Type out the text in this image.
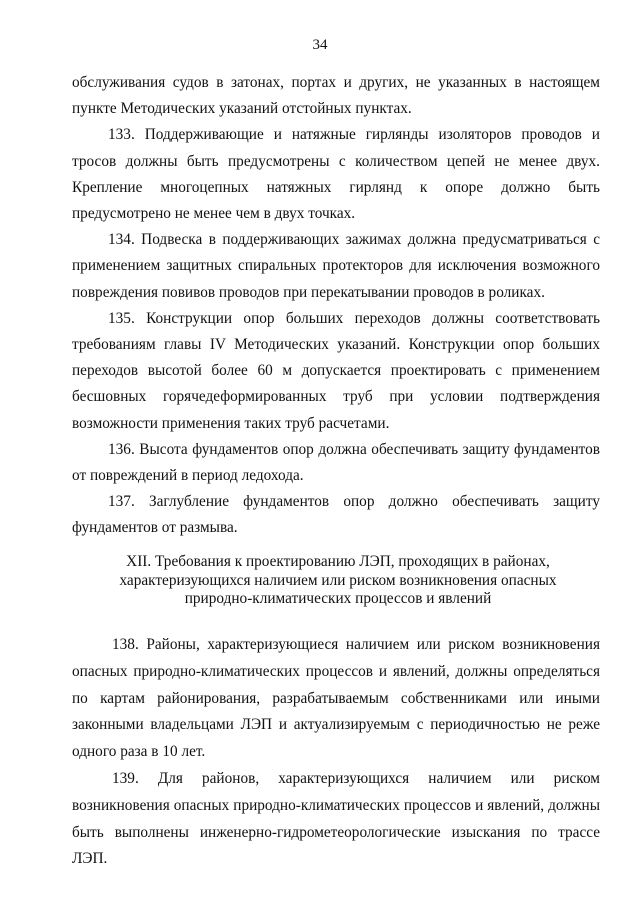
34

обслуживания судов в затонах, портах и других, не указанных в настоящем пункте Методических указаний отстойных пунктах.

133. Поддерживающие и натяжные гирлянды изоляторов проводов и тросов должны быть предусмотрены с количеством цепей не менее двух. Крепление многоцепных натяжных гирлянд к опоре должно быть предусмотрено не менее чем в двух точках.

134. Подвеска в поддерживающих зажимах должна предусматриваться с применением защитных спиральных протекторов для исключения возможного повреждения повивов проводов при перекатывании проводов в роликах.

135. Конструкции опор больших переходов должны соответствовать требованиям главы IV Методических указаний. Конструкции опор больших переходов высотой более 60 м допускается проектировать с применением бесшовных горячедеформированных труб при условии подтверждения возможности применения таких труб расчетами.

136. Высота фундаментов опор должна обеспечивать защиту фундаментов от повреждений в период ледохода.

137. Заглубление фундаментов опор должно обеспечивать защиту фундаментов от размыва.

XII. Требования к проектированию ЛЭП, проходящих в районах, характеризующихся наличием или риском возникновения опасных природно-климатических процессов и явлений

138. Районы, характеризующиеся наличием или риском возникновения опасных природно-климатических процессов и явлений, должны определяться по картам районирования, разрабатываемым собственниками или иными законными владельцами ЛЭП и актуализируемым с периодичностью не реже одного раза в 10 лет.

139. Для районов, характеризующихся наличием или риском возникновения опасных природно-климатических процессов и явлений, должны быть выполнены инженерно-гидрометеорологические изыскания по трассе ЛЭП.
